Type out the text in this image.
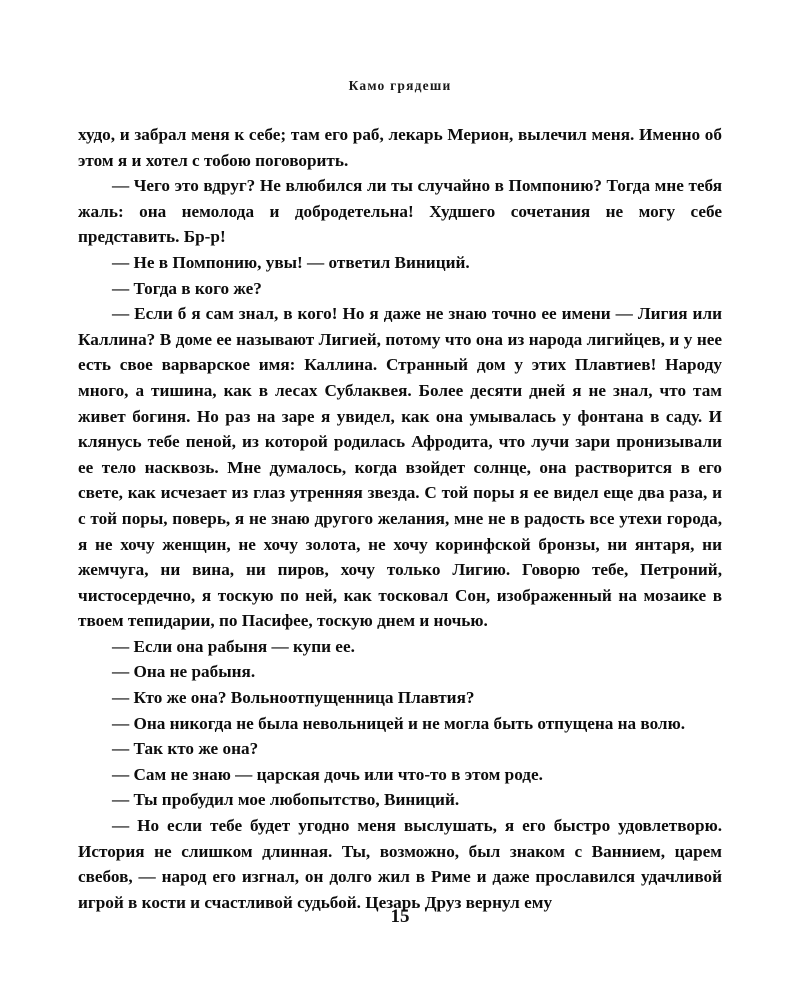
Камо грядеши

худо, и забрал меня к себе; там его раб, лекарь Мерион, вылечил меня. Именно об этом я и хотел с тобою поговорить.

— Чего это вдруг? Не влюбился ли ты случайно в Помпонию? Тогда мне тебя жаль: она немолода и добродетельна! Худшего сочетания не могу себе представить. Бр-р!

— Не в Помпонию, увы! — ответил Виниций.

— Тогда в кого же?

— Если б я сам знал, в кого! Но я даже не знаю точно ее имени — Лигия или Каллина? В доме ее называют Лигией, потому что она из народа лигийцев, и у нее есть свое варварское имя: Каллина. Странный дом у этих Плавтиев! Народу много, а тишина, как в лесах Сублаквея. Более десяти дней я не знал, что там живет богиня. Но раз на заре я увидел, как она умывалась у фонтана в саду. И клянусь тебе пеной, из которой родилась Афродита, что лучи зари пронизывали ее тело насквозь. Мне думалось, когда взойдет солнце, она растворится в его свете, как исчезает из глаз утренняя звезда. С той поры я ее видел еще два раза, и с той поры, поверь, я не знаю другого желания, мне не в радость все утехи города, я не хочу женщин, не хочу золота, не хочу коринфской бронзы, ни янтаря, ни жемчуга, ни вина, ни пиров, хочу только Лигию. Говорю тебе, Петроний, чистосердечно, я тоскую по ней, как тосковал Сон, изображенный на мозаике в твоем тепидарии, по Пасифее, тоскую днем и ночью.

— Если она рабыня — купи ее.

— Она не рабыня.

— Кто же она? Вольноотпущенница Плавтия?

— Она никогда не была невольницей и не могла быть отпущена на волю.

— Так кто же она?

— Сам не знаю — царская дочь или что-то в этом роде.

— Ты пробудил мое любопытство, Виниций.

— Но если тебе будет угодно меня выслушать, я его быстро удовлетворю. История не слишком длинная. Ты, возможно, был знаком с Ваннием, царем свебов, — народ его изгнал, он долго жил в Риме и даже прославился удачливой игрой в кости и счастливой судьбой. Цезарь Друз вернул ему

15
